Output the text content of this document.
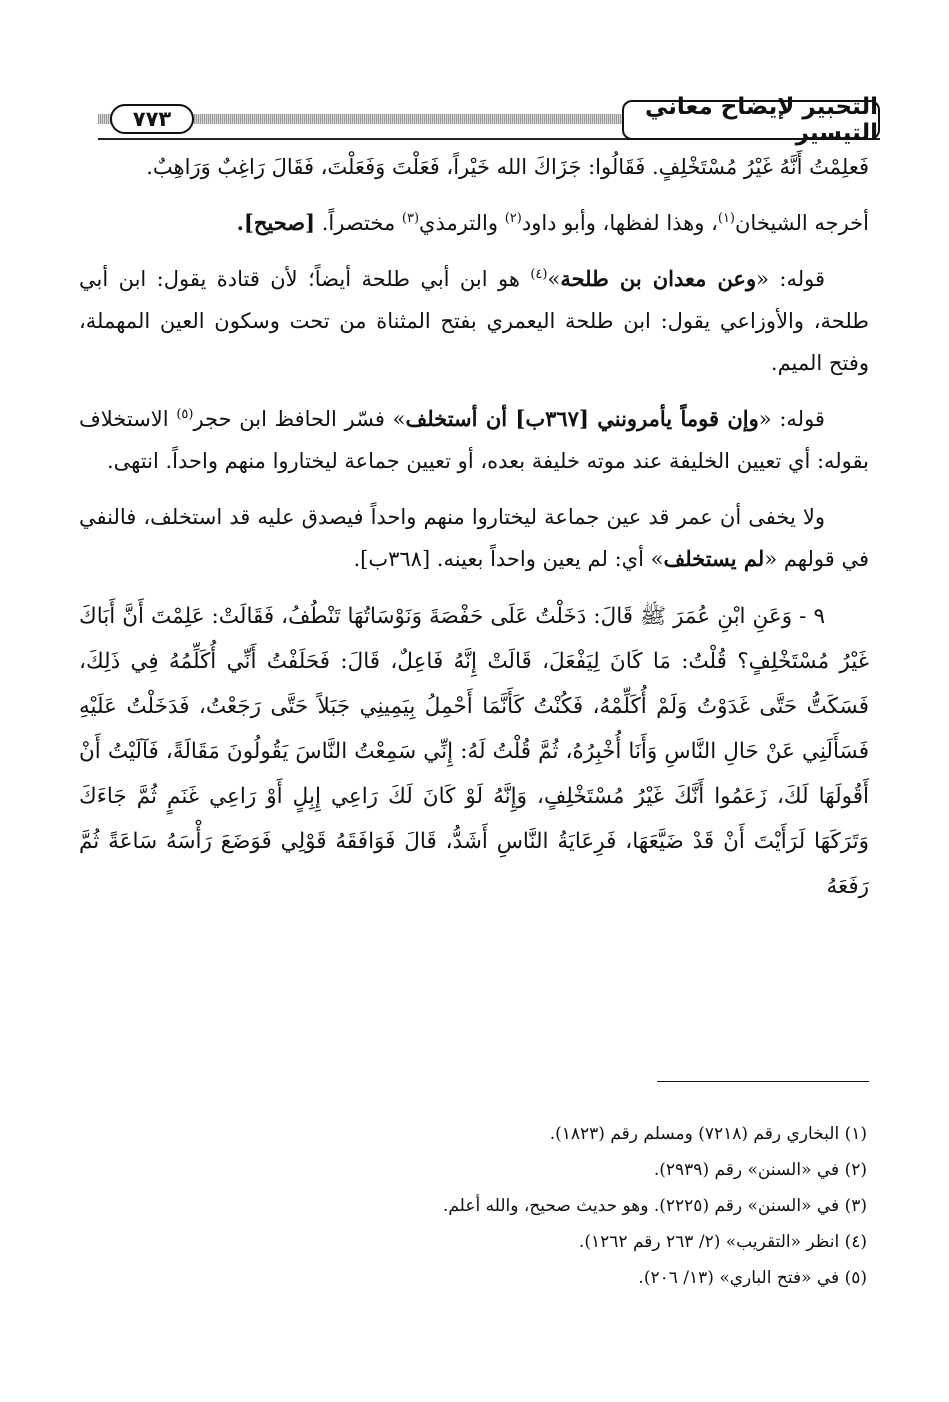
التحبير لإيضاح معاني التيسير
٧٧٣

فَعلِمْتُ أَنَّهُ غَيْرُ مُسْتَخْلِفٍ. فَقَالُوا: جَزَاكَ الله خَيْراً، فَعَلْتَ وَفَعَلْتَ، فَقَالَ رَاغِبٌ وَرَاهِبٌ.

أخرجه الشيخان$^{(١)}$، وهذا لفظها، وأبو داود$^{(٢)}$ والترمذي$^{(٣)}$ مختصراً. [صحيح].

قوله: «وعن معدان بن طلحة»$^{(٤)}$ هو ابن أبي طلحة أيضاً؛ لأن قتادة يقول: ابن أبي طلحة، والأوزاعي يقول: ابن طلحة اليعمري بفتح المثناة من تحت وسكون العين المهملة، وفتح الميم.

قوله: «وإن قوماً يأمرونني [٣٦٧ب] أن أستخلف» فسّر الحافظ ابن حجر$^{(٥)}$ الاستخلاف بقوله: أي تعيين الخليفة عند موته خليفة بعده، أو تعيين جماعة ليختاروا منهم واحداً. انتهى.

ولا يخفى أن عمر قد عين جماعة ليختاروا منهم واحداً فيصدق عليه قد استخلف، فالنفي في قولهم «لم يستخلف» أي: لم يعين واحداً بعينه. [٣٦٨ب].

٩ - وَعَنِ ابْنِ عُمَرَ ﷺ قَالَ: دَخَلْتُ عَلَى حَفْصَةَ وَنَوْسَاتُهَا تَنْطُفُ، فَقَالَتْ: عَلِمْتَ أَنَّ أَبَاكَ غَيْرُ مُسْتَخْلِفٍ؟ قُلْتُ: مَا كَانَ لِيَفْعَلَ، قَالَتْ إِنَّهُ فَاعِلٌ، قَالَ: فَحَلَفْتُ أَنِّي أُكَلِّمُهُ فِي ذَلِكَ، فَسَكَتُّ حَتَّى غَدَوْتُ وَلَمْ أُكَلِّمْهُ، فَكُنْتُ كَأَنَّمَا أَحْمِلُ بِيَمِينِي جَبَلاً حَتَّى رَجَعْتُ، فَدَخَلْتُ عَلَيْهِ فَسَأَلَنِي عَنْ حَالِ النَّاسِ وَأَنَا أُخْبِرُهُ، ثُمَّ قُلْتُ لَهُ: إِنِّي سَمِعْتُ النَّاسَ يَقُولُونَ مَقَالَةً، فَآلَيْتُ أَنْ أَقُولَهَا لَكَ، زَعَمُوا أَنَّكَ غَيْرُ مُسْتَخْلِفٍ، وَإِنَّهُ لَوْ كَانَ لَكَ رَاعِي إِبِلٍ أَوْ رَاعِي غَنَمٍ ثُمَّ جَاءَكَ وَتَرَكَهَا لَرَأَيْتَ أَنْ قَدْ ضَيَّعَهَا، فَرِعَايَةُ النَّاسِ أَشَدُّ، قَالَ فَوَافَقَهُ قَوْلِي فَوَضَعَ رَأْسَهُ سَاعَةً ثُمَّ رَفَعَهُ

(١) البخاري رقم (٧٢١٨) ومسلم رقم (١٨٢٣).
(٢) في «السنن» رقم (٢٩٣٩).
(٣) في «السنن» رقم (٢٢٢٥). وهو حديث صحيح، والله أعلم.
(٤) انظر «التقريب» (٢/ ٢٦٣ رقم ١٢٦٢).
(٥) في «فتح الباري» (١٣/ ٢٠٦).
